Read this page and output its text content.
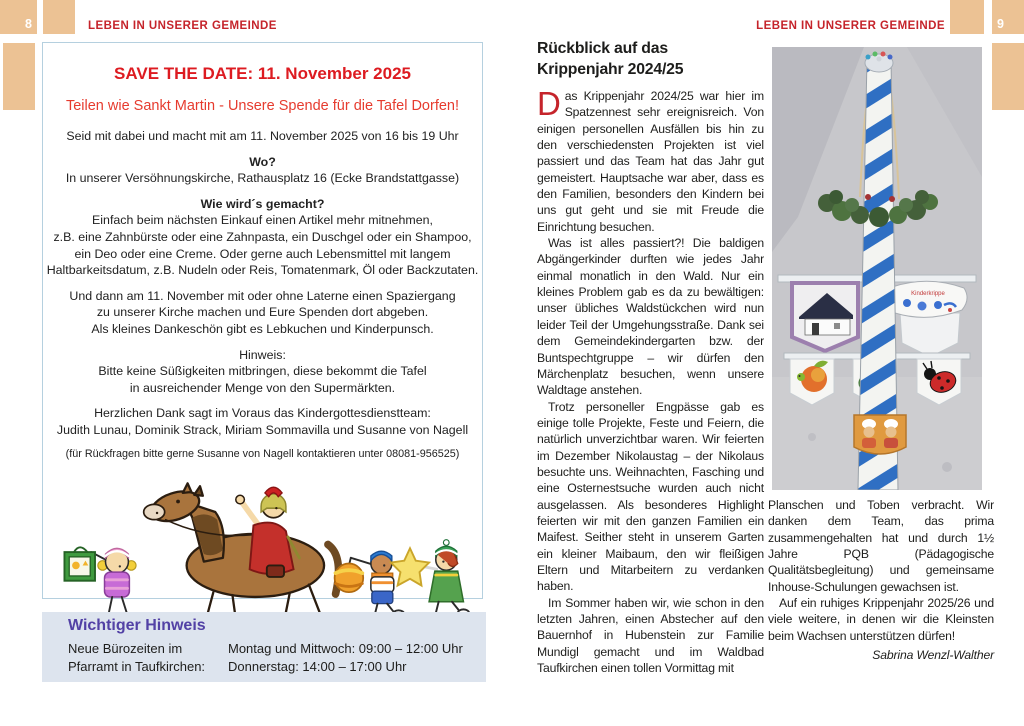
8	LEBEN IN UNSERER GEMEINDE	9
LEBEN IN UNSERER GEMEINDE
SAVE THE DATE: 11. November 2025
Teilen wie Sankt Martin - Unsere Spende für die Tafel Dorfen!
Seid mit dabei und macht mit am 11. November 2025 von 16 bis 19 Uhr
Wo?
In unserer Versöhnungskirche, Rathausplatz 16 (Ecke Brandstattgasse)
Wie wird´s gemacht?
Einfach beim nächsten Einkauf einen Artikel mehr mitnehmen,
z.B. eine Zahnbürste oder eine Zahnpasta, ein Duschgel oder ein Shampoo,
ein Deo oder eine Creme. Oder gerne auch Lebensmittel mit langem
Haltbarkeitsdatum, z.B. Nudeln oder Reis, Tomatenmark, Öl oder Backzutaten.
Und dann am 11. November mit oder ohne Laterne einen Spaziergang
zu unserer Kirche machen und Eure Spenden dort abgeben.
Als kleines Dankeschön gibt es Lebkuchen und Kinderpunsch.
Hinweis:
Bitte keine Süßigkeiten mitbringen, diese bekommt die Tafel
in ausreichender Menge von den Supermärkten.
Herzlichen Dank sagt im Voraus das Kindergottesdienstteam:
Judith Lunau, Dominik Strack, Miriam Sommavilla und Susanne von Nagell
(für Rückfragen bitte gerne Susanne von Nagell kontaktieren unter 08081-956525)
Wichtiger Hinweis
Neue Bürozeiten im
Pfarramt in Taufkirchen:
Montag und Mittwoch: 09:00 – 12:00 Uhr
Donnerstag: 14:00 – 17:00 Uhr
Rückblick auf das
Krippenjahr 2024/25

Das Krippenjahr 2024/25 war hier im Spatzennest sehr ereignisreich. Von einigen personellen Ausfällen bis hin zu den verschiedensten Projekten ist viel passiert und das Team hat das Jahr gut gemeistert. Hauptsache war aber, dass es den Familien, besonders den Kindern bei uns gut geht und sie mit Freude die Einrichtung besuchen.

Was ist alles passiert?! Die baldigen Abgängerkinder durften wie jedes Jahr einmal monatlich in den Wald. Nur ein kleines Problem gab es da zu bewältigen: unser übliches Waldstückchen wird nun leider Teil der Umgehungsstraße. Dank sei dem Gemeindekindergarten bzw. der Buntspechtgruppe – wir dürfen den Märchenplatz besuchen, wenn unsere Waldtage anstehen.

Trotz personeller Engpässe gab es einige tolle Projekte, Feste und Feiern, die natürlich unverzichtbar waren. Wir feierten im Dezember Nikolaustag – der Nikolaus besuchte uns. Weihnachten, Fasching und eine Osternestsuche wurden auch nicht ausgelassen. Als besonderes Highlight feierten wir mit den ganzen Familien ein Maifest. Seither steht in unserem Garten ein kleiner Maibaum, den wir fleißigen Eltern und Mitarbeitern zu verdanken haben.

Im Sommer haben wir, wie schon in den letzten Jahren, einen Abstecher auf den Bauernhof in Hubenstein zur Familie Mundigl gemacht und im Waldbad Taufkirchen einen tollen Vormittag mit

Kinderkrippe

Planschen und Toben verbracht. Wir danken dem Team, das prima zusammengehalten hat und durch 1½ Jahre PQB (Pädagogische Qualitätsbegleitung) und gemeinsame Inhouse-Schulungen gewachsen ist.

Auf ein ruhiges Krippenjahr 2025/26 und viele weitere, in denen wir die Kleinsten beim Wachsen unterstützen dürfen!

Sabrina Wenzl-Walther
